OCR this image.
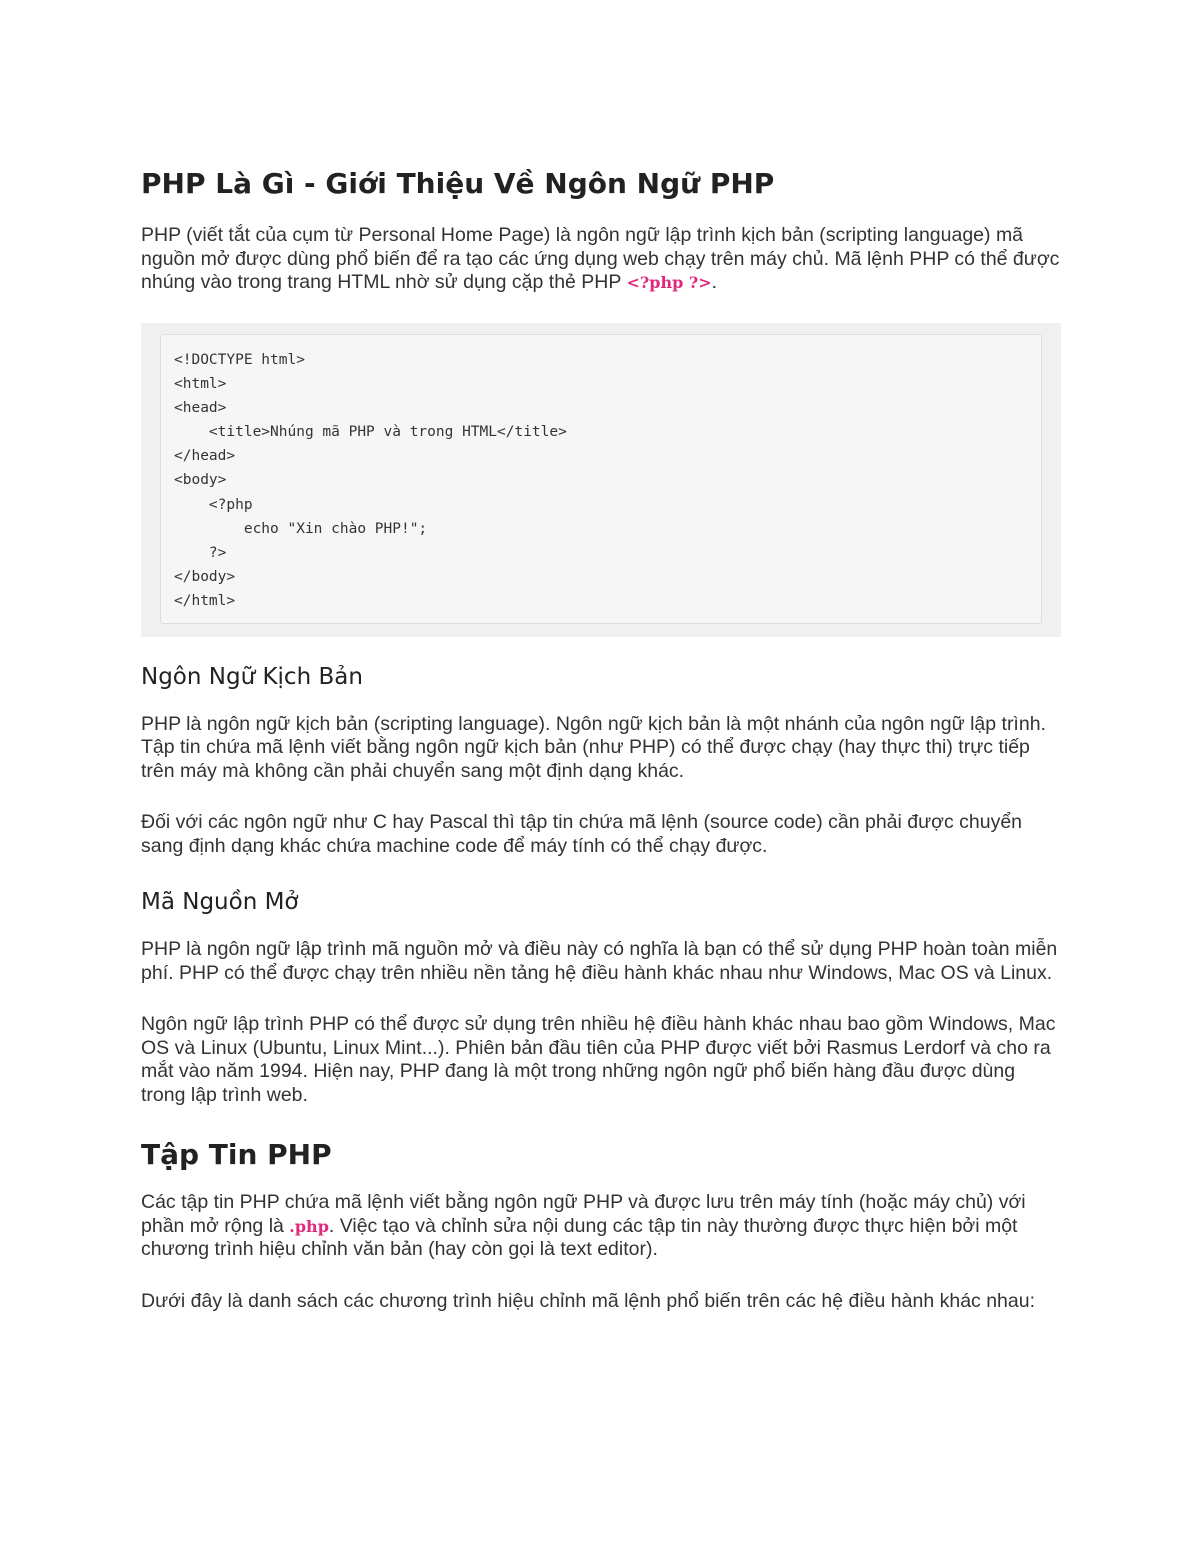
PHP Là Gì - Giới Thiệu Về Ngôn Ngữ PHP

PHP (viết tắt của cụm từ Personal Home Page) là ngôn ngữ lập trình kịch bản (scripting language) mã nguồn mở được dùng phổ biến để ra tạo các ứng dụng web chạy trên máy chủ. Mã lệnh PHP có thể được nhúng vào trong trang HTML nhờ sử dụng cặp thẻ PHP <?php ?>.

<!DOCTYPE html>
<html>
<head>
<title>Nhúng mã PHP và trong HTML</title>
</head>
<body>
<?php
echo "Xin chào PHP!";
?>
</body>
</html>
Ngôn Ngữ Kịch Bản

PHP là ngôn ngữ kịch bản (scripting language). Ngôn ngữ kịch bản là một nhánh của ngôn ngữ lập trình. Tập tin chứa mã lệnh viết bằng ngôn ngữ kịch bản (như PHP) có thể được chạy (hay thực thi) trực tiếp trên máy mà không cần phải chuyển sang một định dạng khác.

Đối với các ngôn ngữ như C hay Pascal thì tập tin chứa mã lệnh (source code) cần phải được chuyển sang định dạng khác chứa machine code để máy tính có thể chạy được.

Mã Nguồn Mở

PHP là ngôn ngữ lập trình mã nguồn mở và điều này có nghĩa là bạn có thể sử dụng PHP hoàn toàn miễn phí. PHP có thể được chạy trên nhiều nền tảng hệ điều hành khác nhau như Windows, Mac OS và Linux.

Ngôn ngữ lập trình PHP có thể được sử dụng trên nhiều hệ điều hành khác nhau bao gồm Windows, Mac OS và Linux (Ubuntu, Linux Mint...). Phiên bản đầu tiên của PHP được viết bởi Rasmus Lerdorf và cho ra mắt vào năm 1994. Hiện nay, PHP đang là một trong những ngôn ngữ phổ biến hàng đầu được dùng trong lập trình web.

Tập Tin PHP

Các tập tin PHP chứa mã lệnh viết bằng ngôn ngữ PHP và được lưu trên máy tính (hoặc máy chủ) với phần mở rộng là .php. Việc tạo và chỉnh sửa nội dung các tập tin này thường được thực hiện bởi một chương trình hiệu chỉnh văn bản (hay còn gọi là text editor).

Dưới đây là danh sách các chương trình hiệu chỉnh mã lệnh phổ biến trên các hệ điều hành khác nhau:
